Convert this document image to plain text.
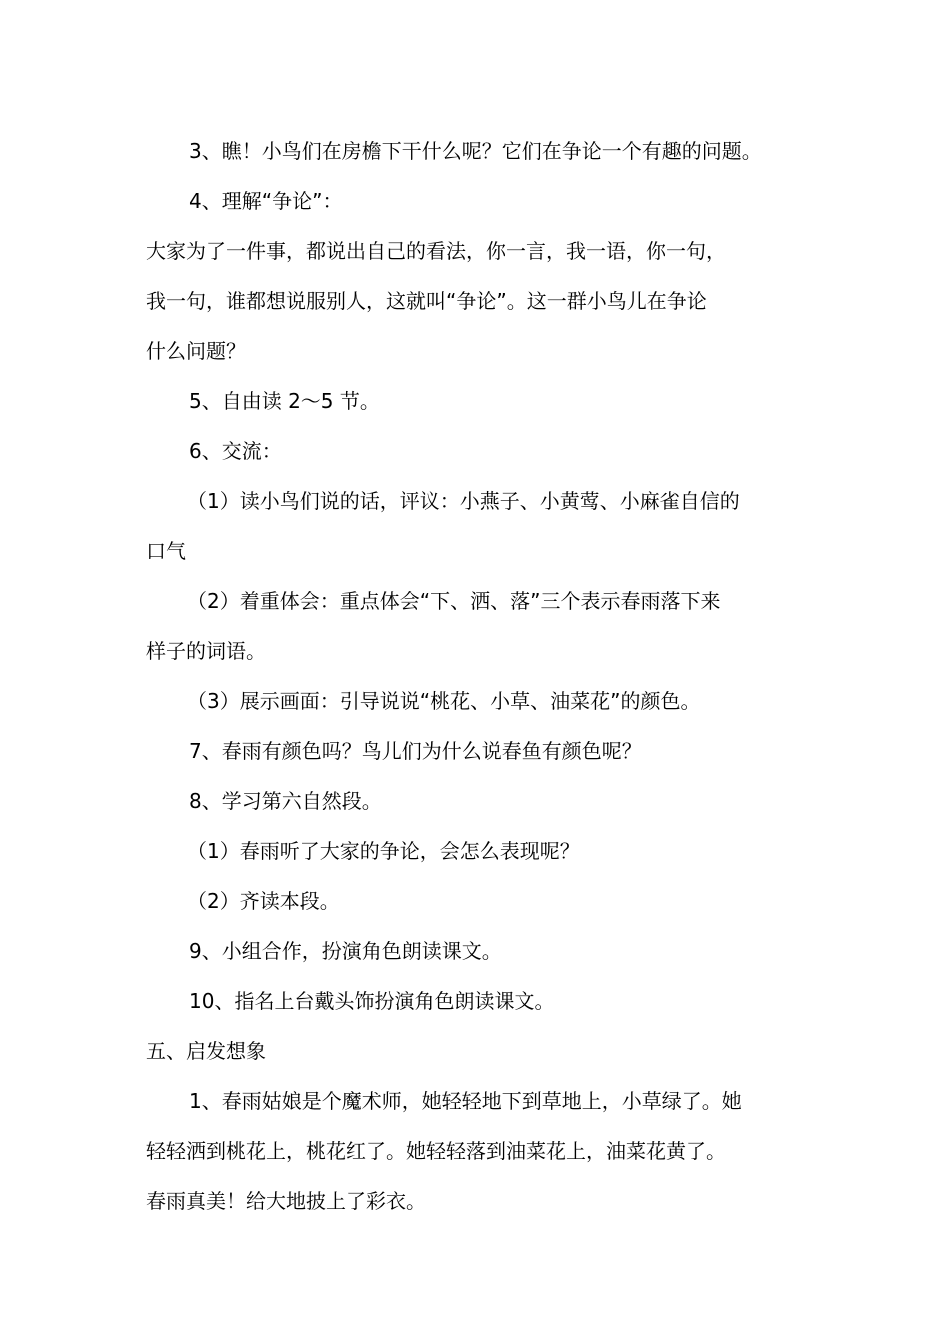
3、瞧！小鸟们在房檐下干什么呢？它们在争论一个有趣的问题。
4、理解“争论”：
大家为了一件事，都说出自己的看法，你一言，我一语，你一句，
我一句，谁都想说服别人，这就叫“争论”。这一群小鸟儿在争论
什么问题？
5、自由读 2～5 节。
6、交流：
（1）读小鸟们说的话，评议：小燕子、小黄莺、小麻雀自信的
口气
（2）着重体会：重点体会“下、洒、落”三个表示春雨落下来
样子的词语。
（3）展示画面：引导说说“桃花、小草、油菜花”的颜色。
7、春雨有颜色吗？鸟儿们为什么说春鱼有颜色呢？
8、学习第六自然段。
（1）春雨听了大家的争论，会怎么表现呢？
（2）齐读本段。
9、小组合作，扮演角色朗读课文。
10、指名上台戴头饰扮演角色朗读课文。
五、启发想象
1、春雨姑娘是个魔术师，她轻轻地下到草地上，小草绿了。她
轻轻洒到桃花上，桃花红了。她轻轻落到油菜花上，油菜花黄了。
春雨真美！给大地披上了彩衣。
